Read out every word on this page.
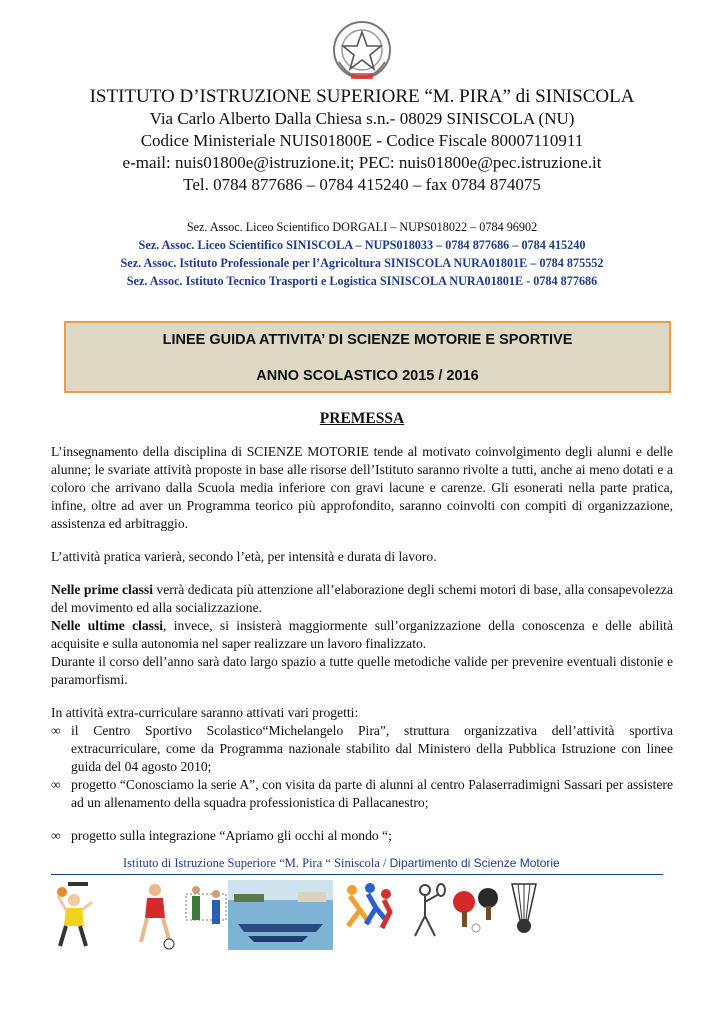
ISTITUTO D’ISTRUZIONE SUPERIORE “M. PIRA” di SINISCOLA
Via Carlo Alberto Dalla Chiesa s.n.- 08029 SINISCOLA (NU)
Codice Ministeriale NUIS01800E - Codice Fiscale 80007110911
e-mail: nuis01800e@istruzione.it; PEC: nuis01800e@pec.istruzione.it
Tel. 0784 877686 – 0784 415240 – fax 0784 874075
Sez. Assoc. Liceo Scientifico DORGALI – NUPS018022 – 0784 96902
Sez. Assoc. Liceo Scientifico SINISCOLA – NUPS018033 – 0784 877686 – 0784 415240
Sez. Assoc. Istituto Professionale per l’Agricoltura SINISCOLA NURA01801E – 0784 875552
Sez. Assoc. Istituto Tecnico Trasporti e Logistica SINISCOLA NURA01801E - 0784 877686
LINEE GUIDA ATTIVITA’ DI SCIENZE MOTORIE E SPORTIVE
ANNO SCOLASTICO 2015 / 2016
PREMESSA

L’insegnamento della disciplina di SCIENZE MOTORIE tende al motivato coinvolgimento degli alunni e delle alunne; le svariate attività proposte in base alle risorse dell’Istituto saranno rivolte a tutti, anche ai meno dotati e a coloro che arrivano dalla Scuola media inferiore con gravi lacune e carenze. Gli esonerati nella parte pratica, infine, oltre ad aver un Programma teorico più approfondito, saranno coinvolti con compiti di organizzazione, assistenza ed arbitraggio.

L’attività pratica varierà, secondo l’età, per intensità e durata di lavoro.

Nelle prime classi verrà dedicata più attenzione all’elaborazione degli schemi motori di base, alla consapevolezza del movimento ed alla socializzazione.

Nelle ultime classi, invece, si insisterà maggiormente sull’organizzazione della conoscenza e delle abilità acquisite e sulla autonomia nel saper realizzare un lavoro finalizzato.

Durante il corso dell’anno sarà dato largo spazio a tutte quelle metodiche valide per prevenire eventuali distonie e paramorfismi.

In attività extra-curriculare saranno attivati vari progetti:

∞ il Centro Sportivo Scolastico“Michelangelo Pira”, struttura organizzativa dell’attività sportiva extracurriculare, come da Programma nazionale stabilito dal Ministero della Pubblica Istruzione con linee guida del 04 agosto 2010;
∞ progetto “Conosciamo la serie A”, con visita da parte di alunni al centro Palaserradimigni Sassari per assistere ad un allenamento della squadra professionistica di Pallacanestro;
∞ progetto sulla integrazione “Apriamo gli occhi al mondo “;
Istituto di Istruzione Superiore “M. Pira “ Siniscola / Dipartimento di Scienze Motorie
